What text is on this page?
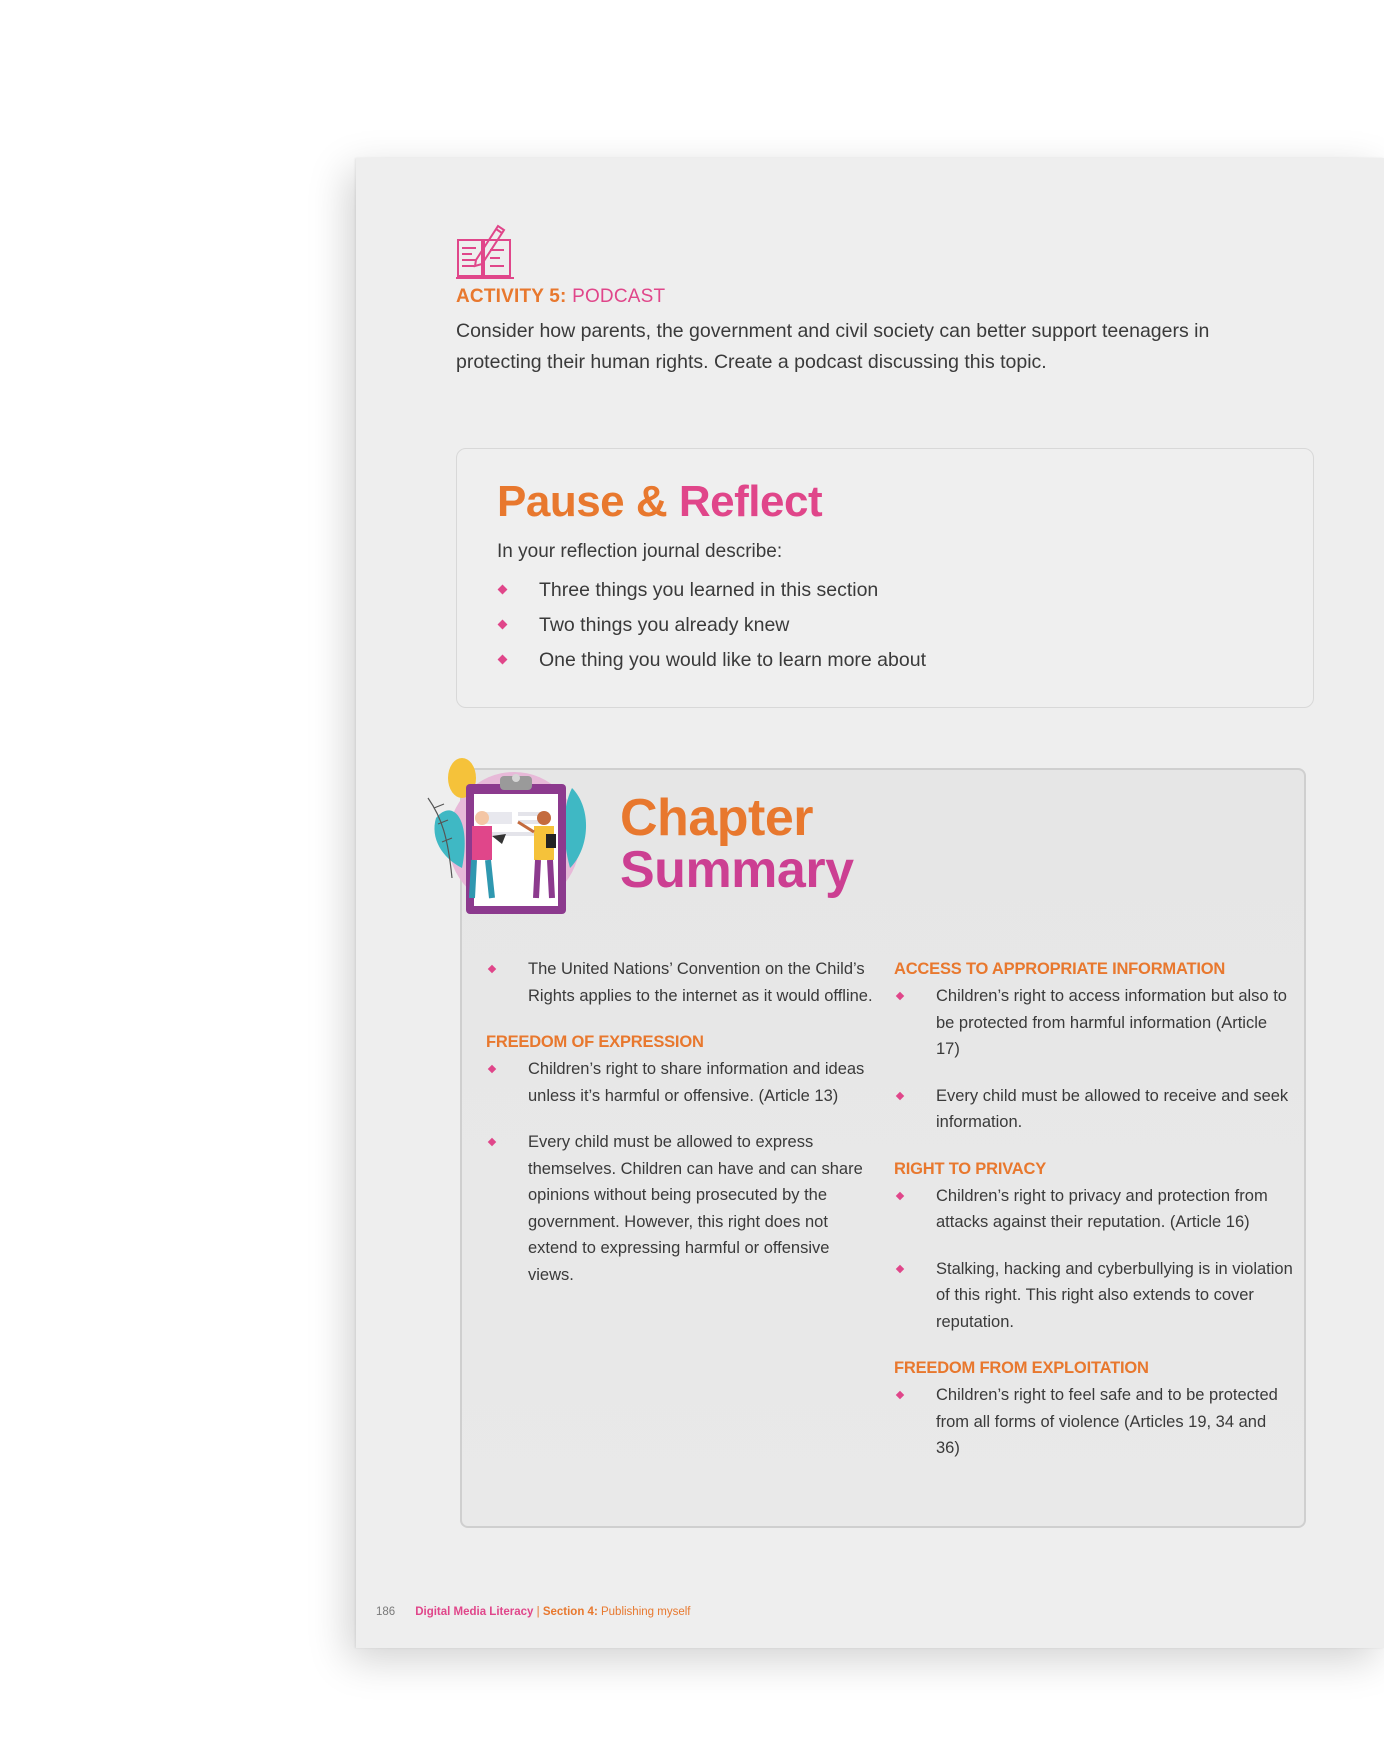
ACTIVITY 5: PODCAST
Consider how parents, the government and civil society can better support teenagers in protecting their human rights. Create a podcast discussing this topic.
Pause & Reflect
In your reflection journal describe:
Three things you learned in this section
Two things you already knew
One thing you would like to learn more about
Chapter
Summary
The United Nations’ Convention on the Child’s Rights applies to the internet as it would offline.
FREEDOM OF EXPRESSION
Children’s right to share information and ideas unless it’s harmful or offensive. (Article 13)
Every child must be allowed to express themselves. Children can have and can share opinions without being prosecuted by the government. However, this right does not extend to expressing harmful or offensive views.
ACCESS TO APPROPRIATE INFORMATION
Children’s right to access information but also to be protected from harmful information (Article 17)
Every child must be allowed to receive and seek information.
RIGHT TO PRIVACY
Children’s right to privacy and protection from attacks against their reputation. (Article 16)
Stalking, hacking and cyberbullying is in violation of this right. This right also extends to cover reputation.
FREEDOM FROM EXPLOITATION
Children’s right to feel safe and to be protected from all forms of violence (Articles 19, 34 and 36)
186 Digital Media Literacy | Section 4: Publishing myself
